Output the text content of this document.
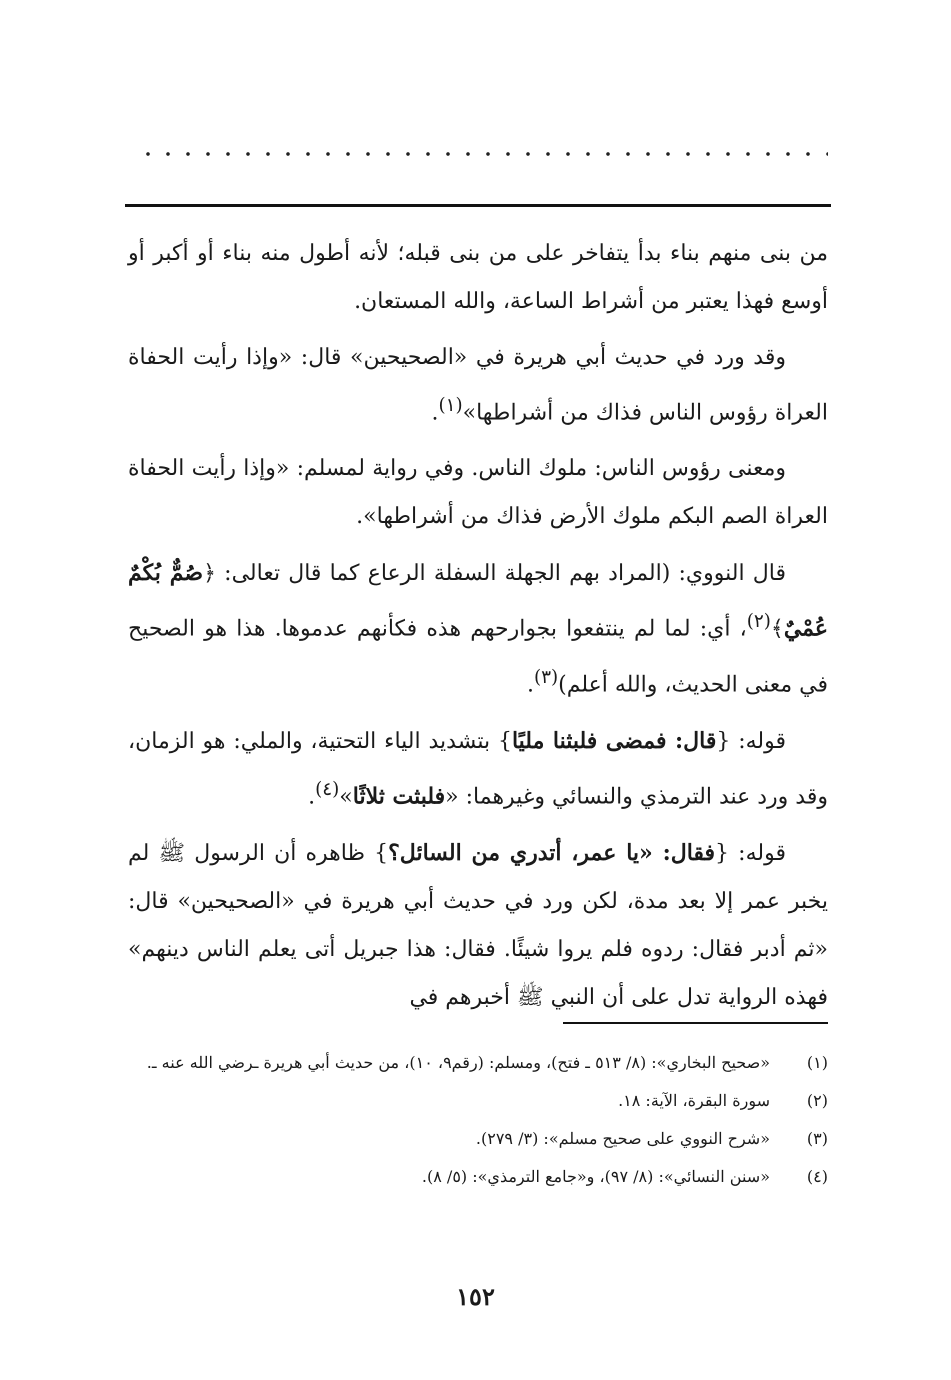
من بنى منهم بناء بدأ يتفاخر على من بنى قبله؛ لأنه أطول منه بناء أو أكبر أو أوسع فهذا يعتبر من أشراط الساعة، والله المستعان.

وقد ورد في حديث أبي هريرة في «الصحيحين» قال: «وإذا رأيت الحفاة العراة رؤوس الناس فذاك من أشراطها»$^{(١)}$.

ومعنى رؤوس الناس: ملوك الناس. وفي رواية لمسلم: «وإذا رأيت الحفاة العراة الصم البكم ملوك الأرض فذاك من أشراطها».

قال النووي: (المراد بهم الجهلة السفلة الرعاع كما قال تعالى: ﴿صُمٌّ بُكْمٌ عُمْيٌ﴾$^{(٢)}$، أي: لما لم ينتفعوا بجوارحهم هذه فكأنهم عدموها. هذا هو الصحيح في معنى الحديث، والله أعلم)$^{(٣)}$.

قوله: {قال: فمضى فلبثنا مليًا} بتشديد الياء التحتية، والملي: هو الزمان، وقد ورد عند الترمذي والنسائي وغيرهما: «فلبثت ثلاثًا»$^{(٤)}$.

قوله: {فقال: «يا عمر، أتدري من السائل؟} ظاهره أن الرسول ﷺ لم يخبر عمر إلا بعد مدة، لكن ورد في حديث أبي هريرة في «الصحيحين» قال: «ثم أدبر فقال: ردوه فلم يروا شيئًا. فقال: هذا جبريل أتى يعلم الناس دينهم» فهذه الرواية تدل على أن النبي ﷺ أخبرهم في

(١)
«صحيح البخاري»: (٨/ ٥١٣ ـ فتح)، ومسلم: (رقم٩، ١٠)، من حديث أبي هريرة ـرضي الله عنه ـ.
(٢)
سورة البقرة، الآية: ١٨.
(٣)
«شرح النووي على صحيح مسلم»: (٣/ ٢٧٩).
(٤)
«سنن النسائي»: (٨/ ٩٧)، و«جامع الترمذي»: (٥/ ٨).
١٥٢
